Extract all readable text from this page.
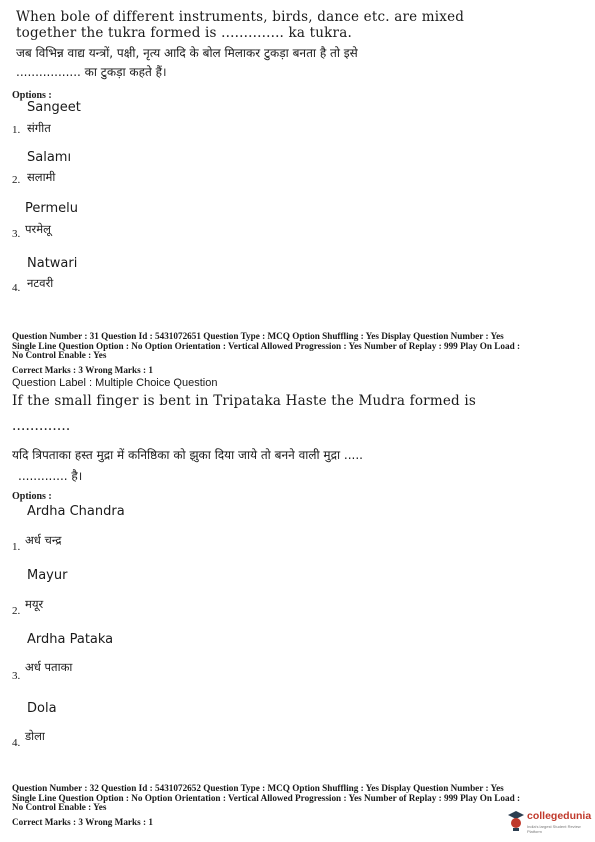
When bole of different instruments, birds, dance etc. are mixed
together the tukra formed is .............. ka tukra.
जब विभिन्न वाद्य यन्त्रों, पक्षी, नृत्य आदि के बोल मिलाकर टुकड़ा बनता है तो इसे
................. का टुकड़ा कहते हैं।
Options :
Sangeet
1. संगीत
Salamı
2. सलामी
Permelu
3. परमेलू
Natwari
4. नटवरी
Question Number : 31 Question Id : 5431072651 Question Type : MCQ Option Shuffling : Yes Display Question Number : Yes
Single Line Question Option : No Option Orientation : Vertical Allowed Progression : Yes Number of Replay : 999 Play On Load :
No Control Enable : Yes
Correct Marks : 3 Wrong Marks : 1
Question Label : Multiple Choice Question
If the small finger is bent in Tripataka Haste the Mudra formed is
.............
यदि त्रिपताका हस्त मुद्रा में कनिष्ठिका को झुका दिया जाये तो बनने वाली मुद्रा .....
............. है।
Options :
Ardha Chandra
1. अर्ध चन्द्र
Mayur
2. मयूर
Ardha Pataka
3.
अर्ध पताका
Dola
4. डोला
Question Number : 32 Question Id : 5431072652 Question Type : MCQ Option Shuffling : Yes Display Question Number : Yes
Single Line Question Option : No Option Orientation : Vertical Allowed Progression : Yes Number of Replay : 999 Play On Load :
No Control Enable : Yes
Correct Marks : 3 Wrong Marks : 1	collegedunia
India's largest Student Review Platform
